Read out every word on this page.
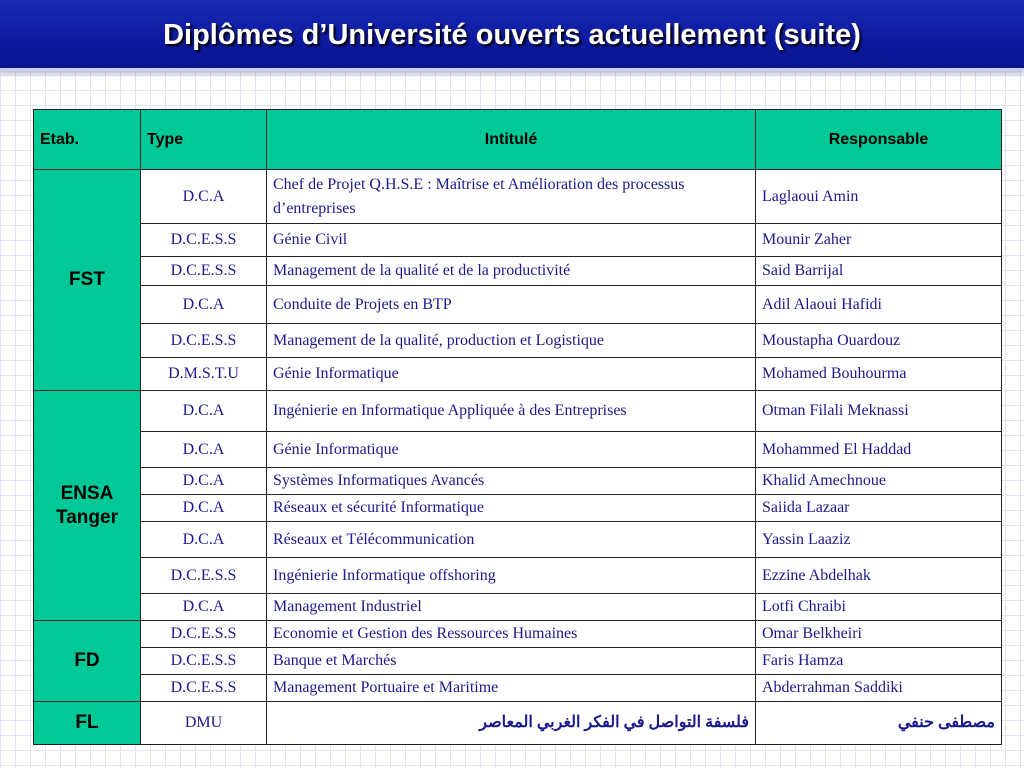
Diplômes d’Université ouverts actuellement (suite)
Etab.	Type	Intitulé	Responsable
FST	D.C.A	Chef de Projet Q.H.S.E : Maîtrise et Amélioration des processus d’entreprises	Laglaoui Amin
	D.C.E.S.S	Génie Civil	Mounir Zaher
	D.C.E.S.S	Management de la qualité et de la productivité	Said Barrijal
	D.C.A	Conduite de Projets en BTP	Adil Alaoui Hafidi
	D.C.E.S.S	Management de la qualité, production et Logistique	Moustapha Ouardouz
	D.M.S.T.U	Génie Informatique	Mohamed Bouhourma
ENSA Tanger	D.C.A	Ingénierie en Informatique Appliquée à des Entreprises	Otman Filali Meknassi
	D.C.A	Génie Informatique	Mohammed El Haddad
	D.C.A	Systèmes Informatiques Avancés	Khalid Amechnoue
	D.C.A	Réseaux et sécurité Informatique	Saiida Lazaar
	D.C.A	Réseaux et Télécommunication	Yassin Laaziz
	D.C.E.S.S	Ingénierie Informatique offshoring	Ezzine Abdelhak
	D.C.A	Management Industriel	Lotfi Chraibi
FD	D.C.E.S.S	Economie et Gestion des Ressources Humaines	Omar Belkheiri
	D.C.E.S.S	Banque et Marchés	Faris Hamza
	D.C.E.S.S	Management Portuaire et Maritime	Abderrahman Saddiki
FL	DMU	فلسفة التواصل في الفكر الغربي المعاصر	مصطفى حنفي
